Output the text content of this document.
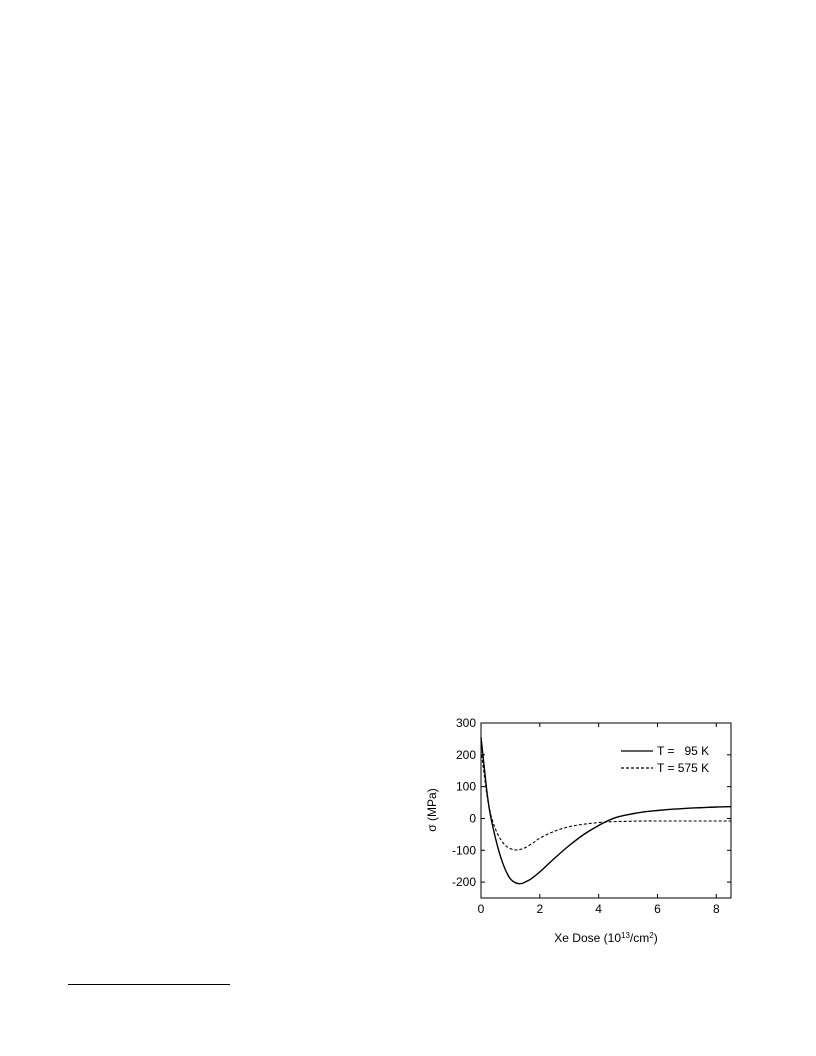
0	2	4	6	8
300
200
100
0
-100
-200
T =   95 K
T = 575 K
σ (MPa)
Xe Dose $(10^{13}/cm^2)$
